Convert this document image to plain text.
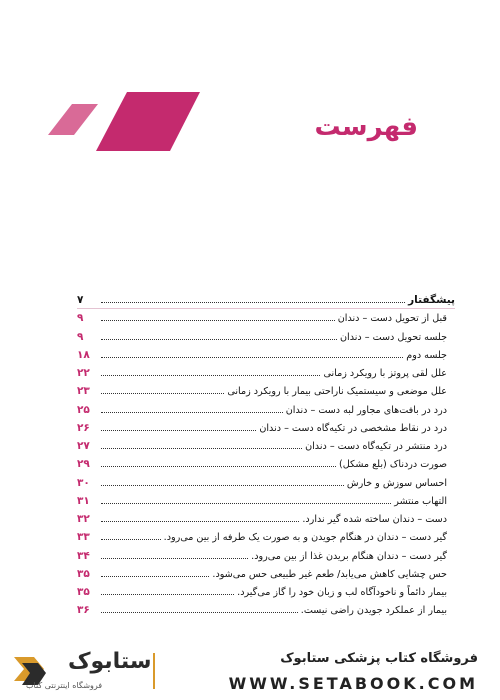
فهرست
پیشگفتار
۷
قبل از تحویل دست – دندان
۹
جلسه تحویل دست – دندان
۹
جلسه دوم
۱۸
علل لقی پروتز با رویکرد زمانی
۲۲
علل موضعی و سیستمیک ناراحتی بیمار با رویکرد زمانی
۲۳
درد در بافت‌های مجاور لبه دست – دندان
۲۵
درد در نقاط مشخصی در تکیه‌گاه دست – دندان
۲۶
درد منتشر در تکیه‌گاه دست – دندان
۲۷
صورت دردناک (بلع مشکل)
۲۹
احساس سوزش و خارش
۳۰
التهاب منتشر
۳۱
دست – دندان ساخته شده گیر ندارد.
۳۲
گیر دست – دندان در هنگام جویدن و به صورت یک طرفه از بین می‌رود.
۳۳
گیر دست – دندان هنگام بریدن غذا از بین می‌رود.
۳۴
حس چشایی کاهش می‌یابد/ طعم غیر طبیعی حس می‌شود.
۳۵
بیمار دائماً و ناخودآگاه لب و زبان خود را گاز می‌گیرد.
۳۵
بیمار از عملکرد جویدن راضی نیست.
۳۶
ستابوک
فروشگاه اینترنتی کتاب
فروشگاه کتاب پزشکی ستابوک
WWW.SETABOOK.COM
